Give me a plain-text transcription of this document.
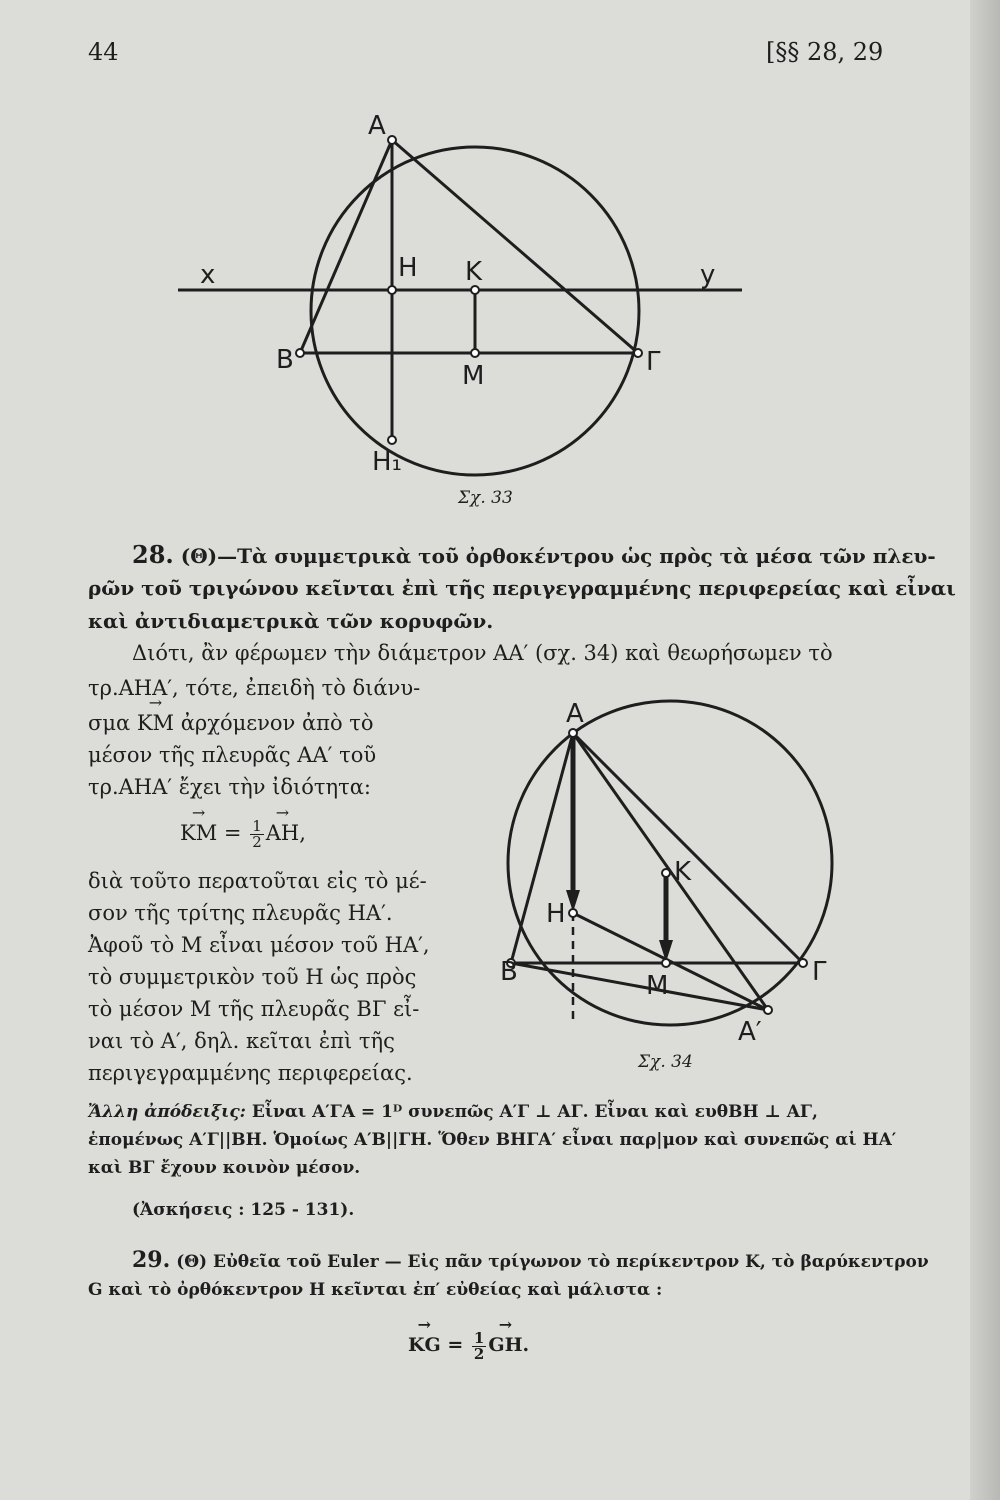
44	[§§ 28, 29
A
H K
x	y
B
M	Γ
H₁
Σχ. 33
28. (Θ)—Τὰ συμμετρικὰ τοῦ ὀρθοκέντρου ὡς πρὸς τὰ μέσα τῶν πλευ-
ρῶν τοῦ τριγώνου κεῖνται ἐπὶ τῆς περιγεγραμμένης περιφερείας καὶ εἶναι
καὶ ἀντιδιαμετρικὰ τῶν κορυφῶν.
Διότι, ἂν φέρωμεν τὴν διάμετρον ΑΑ′ (σχ. 34) καὶ θεωρήσωμεν τὸ
τρ.ΑΗΑ′, τότε, ἐπειδὴ τὸ διάνυ-
σμα → KM ἀρχόμενον ἀπὸ τὸ
μέσον τῆς πλευρᾶς ΑΑ′ τοῦ
τρ.ΑΗΑ′ ἔχει τὴν ἰδιότητα:
→ KM = $\frac{1}{2}$ → AH,
διὰ τοῦτο περατοῦται εἰς τὸ μέ-
σον τῆς τρίτης πλευρᾶς ΗΑ′.
Ἀφοῦ τὸ Μ εἶναι μέσον τοῦ ΗΑ′,
τὸ συμμετρικὸν τοῦ Η ὡς πρὸς
τὸ μέσον Μ τῆς πλευρᾶς ΒΓ εἶ-
ναι τὸ Α′, δηλ. κεῖται ἐπὶ τῆς
περιγεγραμμένης περιφερείας.
A
K
H
B	M	Γ
A′
Σχ. 34
Ἄλλη ἀπόδειξις: Εἶναι Α′ΓΑ = 1ᴰ συνεπῶς Α′Γ ⊥ ΑΓ. Εἶναι καὶ ευθΒΗ ⊥ ΑΓ,
ἑπομένως Α′Γ||ΒΗ. Ὁμοίως Α′Β||ΓΗ. Ὅθεν ΒΗΓΑ′ εἶναι παρ|μον καὶ συνεπῶς αἱ ΗΑ′
καὶ ΒΓ ἔχουν κοινὸν μέσον.
(Ἀσκήσεις : 125 - 131).
29. (Θ) Εὐθεῖα τοῦ Euler — Εἰς πᾶν τρίγωνον τὸ περίκεντρον Κ, τὸ βαρύκεντρον
G καὶ τὸ ὀρθόκεντρον Η κεῖνται ἐπ′ εὐθείας καὶ μάλιστα :
→ KG = $\frac{1}{2}$ → GH.
